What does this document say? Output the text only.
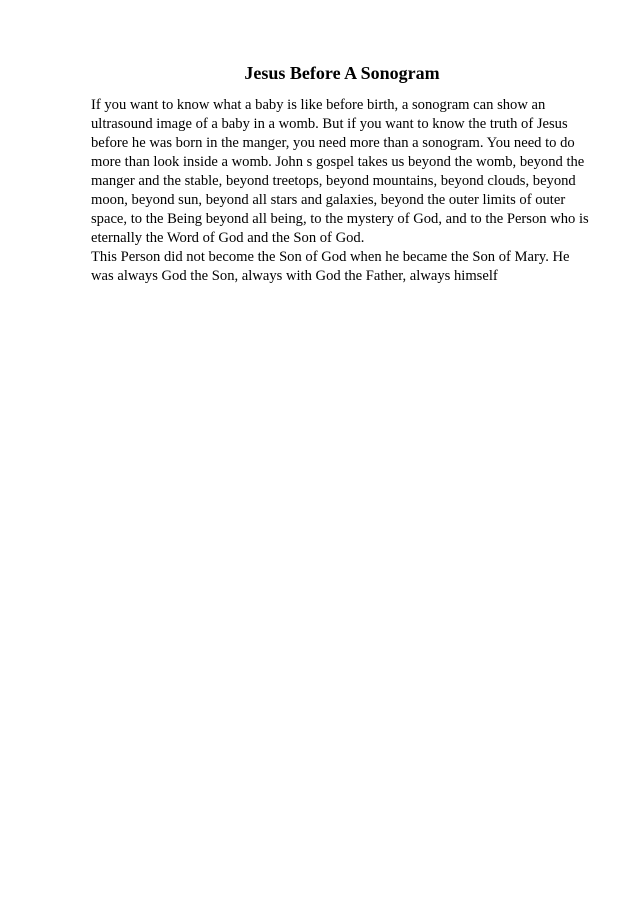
Jesus Before A Sonogram

If you want to know what a baby is like before birth, a sonogram can show an

ultrasound image of a baby in a womb. But if you want to know the truth of Jesus

before he was born in the manger, you need more than a sonogram. You need to do

more than look inside a womb. John s gospel takes us beyond the womb, beyond the

manger and the stable, beyond treetops, beyond mountains, beyond clouds, beyond

moon, beyond sun, beyond all stars and galaxies, beyond the outer limits of outer

space, to the Being beyond all being, to the mystery of God, and to the Person who is

eternally the Word of God and the Son of God.

This Person did not become the Son of God when he became the Son of Mary. He

was always God the Son, always with God the Father, always himself
